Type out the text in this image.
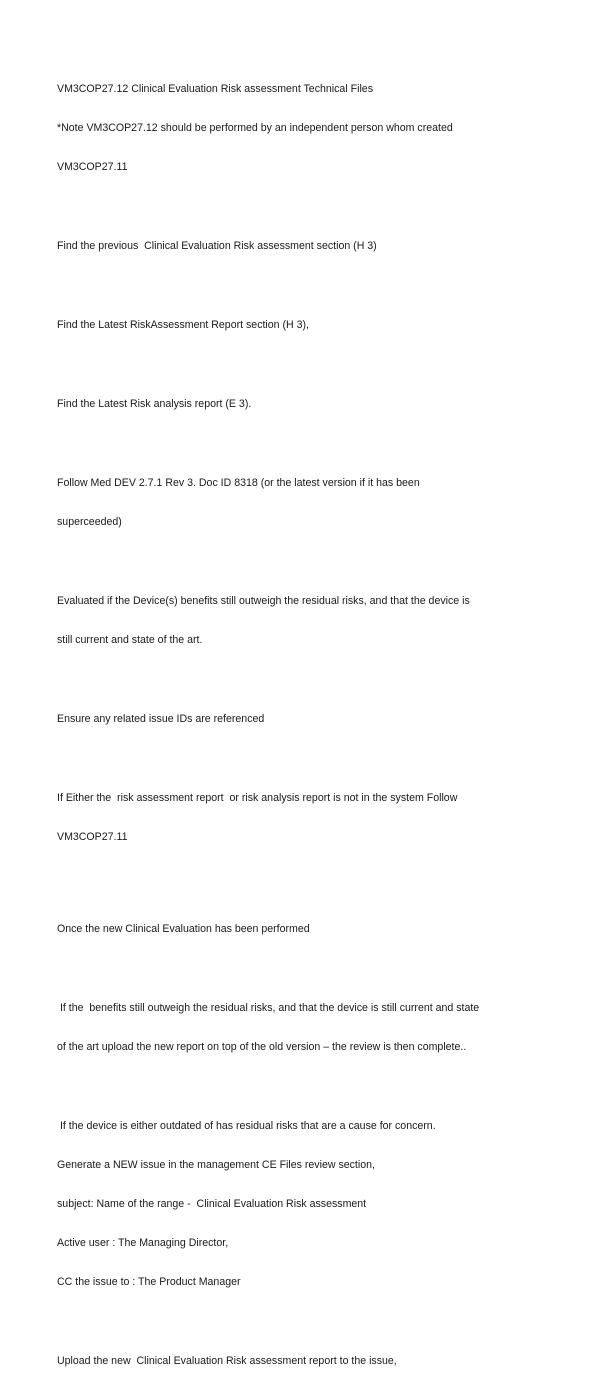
VM3COP27.12 Clinical Evaluation Risk assessment Technical Files

*Note VM3COP27.12 should be performed by an independent person whom created

VM3COP27.11

Find the previous  Clinical Evaluation Risk assessment section (H 3)

Find the Latest RiskAssessment Report section (H 3),

Find the Latest Risk analysis report (E 3).

Follow Med DEV 2.7.1 Rev 3. Doc ID 8318 (or the latest version if it has been

superceeded)

Evaluated if the Device(s) benefits still outweigh the residual risks, and that the device is

still current and state of the art.

Ensure any related issue IDs are referenced

If Either the  risk assessment report  or risk analysis report is not in the system Follow

VM3COP27.11

Once the new Clinical Evaluation has been performed

If the  benefits still outweigh the residual risks, and that the device is still current and state

of the art upload the new report on top of the old version – the review is then complete..

If the device is either outdated of has residual risks that are a cause for concern.

Generate a NEW issue in the management CE Files review section,

subject: Name of the range -  Clinical Evaluation Risk assessment

Active user : The Managing Director,

CC the issue to : The Product Manager

Upload the new  Clinical Evaluation Risk assessment report to the issue,
